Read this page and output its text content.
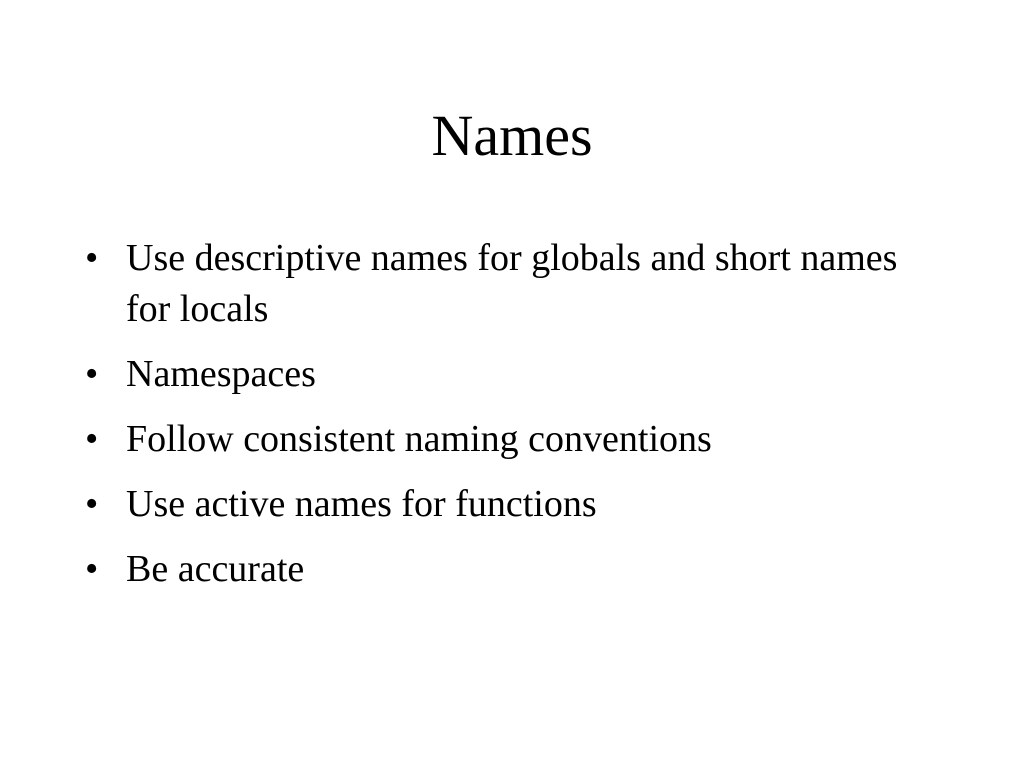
Names
• Use descriptive names for globals and short names for locals
• Namespaces
• Follow consistent naming conventions
• Use active names for functions
• Be accurate
